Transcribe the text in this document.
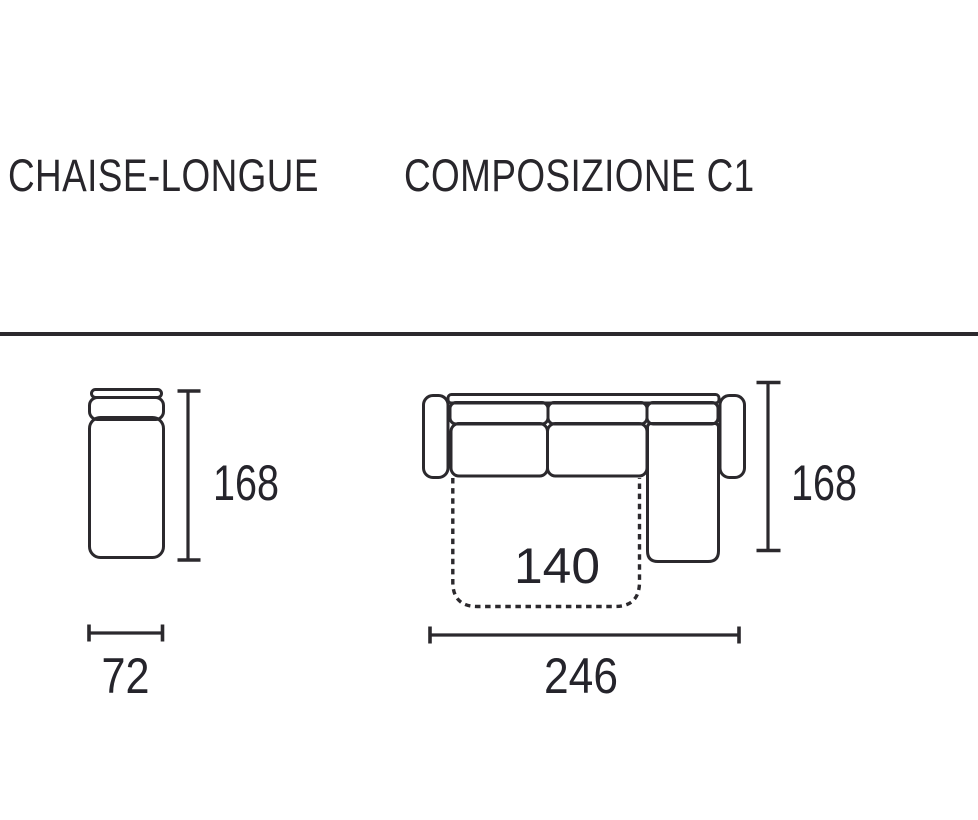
CHAISE-LONGUE COMPOSIZIONE C1
168
72
140
168
246
